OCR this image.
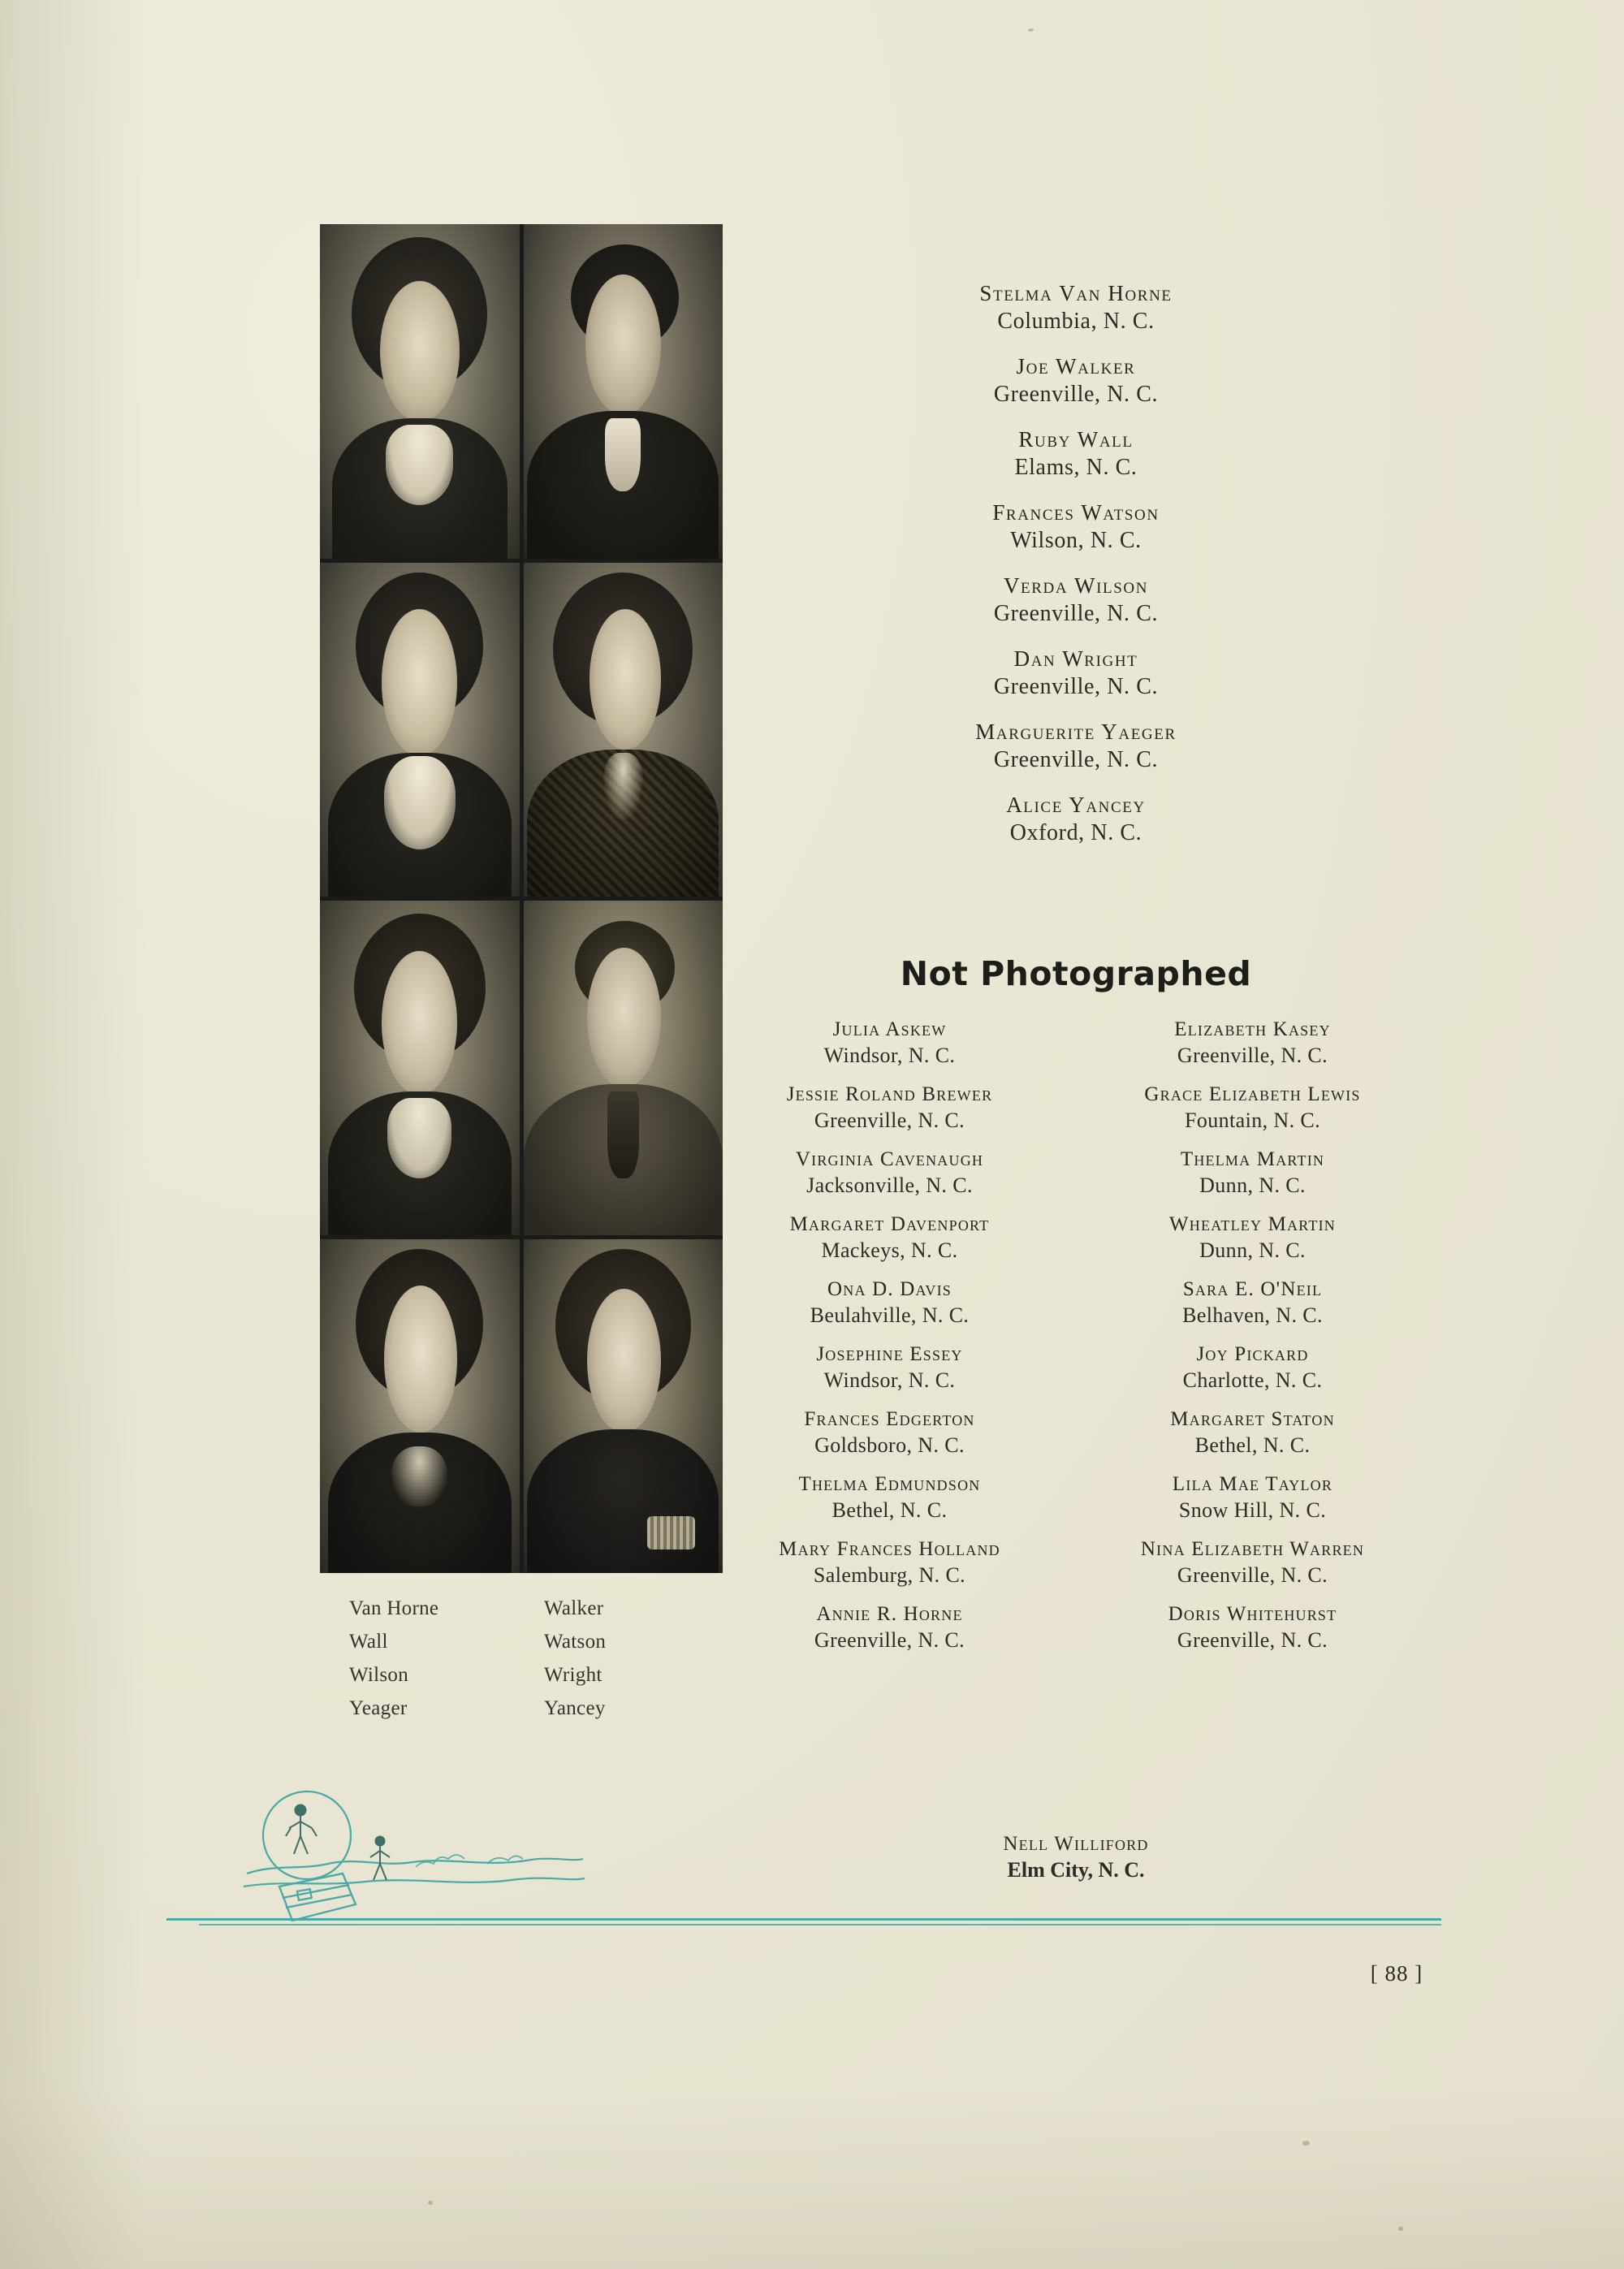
Van Horne	Walker
Wall	Watson
Wilson	Wright
Yeager	Yancey
Stelma Van Horne
Columbia, N. C.
Joe Walker
Greenville, N. C.
Ruby Wall
Elams, N. C.
Frances Watson
Wilson, N. C.
Verda Wilson
Greenville, N. C.
Dan Wright
Greenville, N. C.
Marguerite Yaeger
Greenville, N. C.
Alice Yancey
Oxford, N. C.
Not Photographed
Julia Askew
Windsor, N. C.
Elizabeth Kasey
Greenville, N. C.
Jessie Roland Brewer
Greenville, N. C.
Grace Elizabeth Lewis
Fountain, N. C.
Virginia Cavenaugh
Jacksonville, N. C.
Thelma Martin
Dunn, N. C.
Margaret Davenport
Mackeys, N. C.
Wheatley Martin
Dunn, N. C.
Ona D. Davis
Beulahville, N. C.
Sara E. O'Neil
Belhaven, N. C.
Josephine Essey
Windsor, N. C.
Joy Pickard
Charlotte, N. C.
Frances Edgerton
Goldsboro, N. C.
Margaret Staton
Bethel, N. C.
Thelma Edmundson
Bethel, N. C.
Lila Mae Taylor
Snow Hill, N. C.
Mary Frances Holland
Salemburg, N. C.
Nina Elizabeth Warren
Greenville, N. C.
Annie R. Horne
Greenville, N. C.
Doris Whitehurst
Greenville, N. C.
Nell Williford
Elm City, N. C.
[ 88 ]
